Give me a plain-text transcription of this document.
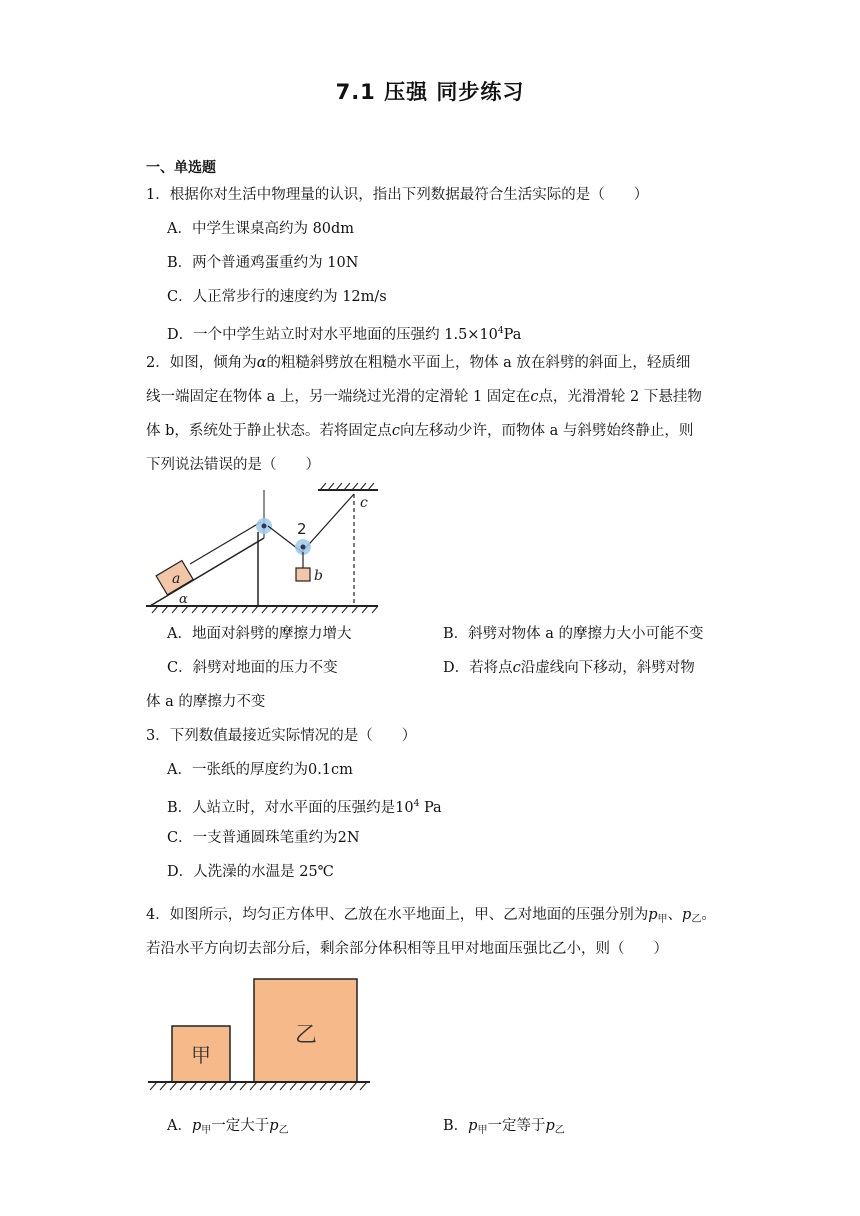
7.1 压强 同步练习
一、单选题
1．根据你对生活中物理量的认识，指出下列数据最符合生活实际的是（　　）
A．中学生课桌高约为 80dm
B．两个普通鸡蛋重约为 10N
C．人正常步行的速度约为 12m/s
D．一个中学生站立时对水平地面的压强约 $1.5\times 10^4Pa$
2．如图，倾角为α的粗糙斜劈放在粗糙水平面上，物体 a 放在斜劈的斜面上，轻质细
线一端固定在物体 a 上，另一端绕过光滑的定滑轮 1 固定在c点，光滑滑轮 2 下悬挂物
体 b，系统处于静止状态。若将固定点c向左移动少许，而物体 a 与斜劈始终静止，则
下列说法错误的是（　　）
a
α
2
b
c
A．地面对斜劈的摩擦力增大	B．斜劈对物体 a 的摩擦力大小可能不变
C．斜劈对地面的压力不变	D．若将点c沿虚线向下移动，斜劈对物
体 a 的摩擦力不变
3．下列数值最接近实际情况的是（　　）
A．一张纸的厚度约为0.1cm
B．人站立时，对水平面的压强约是$10^4$ Pa
C．一支普通圆珠笔重约为2N
D．人洗澡的水温是 25℃
4．如图所示，均匀正方体甲、乙放在水平地面上，甲、乙对地面的压强分别为$p_甲$、$p_乙$。
若沿水平方向切去部分后，剩余部分体积相等且甲对地面压强比乙小，则（　　）
甲
乙
A．$p_甲$一定大于$p_乙$	B．$p_甲$一定等于$p_乙$
